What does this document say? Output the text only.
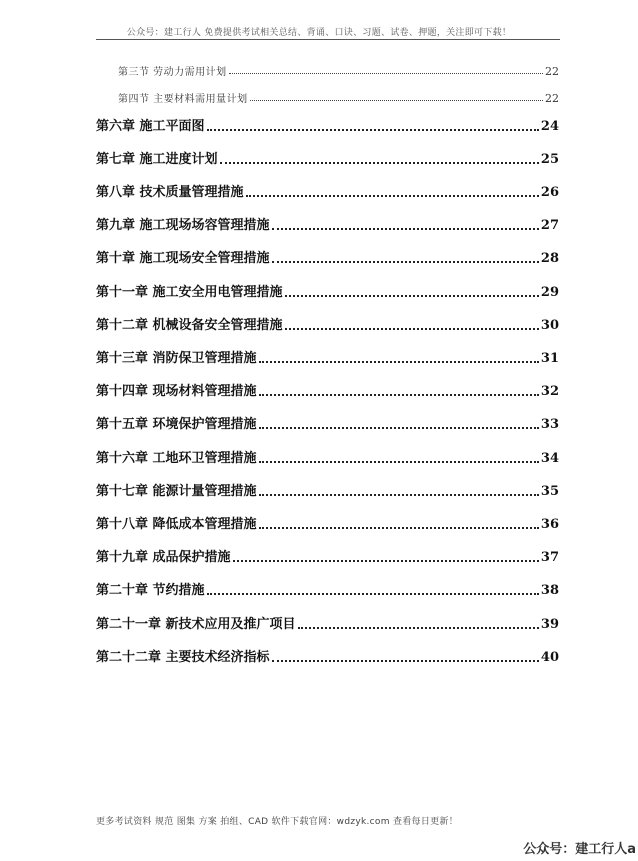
公众号：建工行人 免费提供考试相关总结、背诵、口诀、习题、试卷、押题，关注即可下载！
第三节 劳动力需用计划	22
第四节 主要材料需用量计划	22
第六章 施工平面图	24
第七章 施工进度计划	25
第八章 技术质量管理措施	26
第九章 施工现场场容管理措施	27
第十章 施工现场安全管理措施	28
第十一章 施工安全用电管理措施	29
第十二章 机械设备安全管理措施	30
第十三章 消防保卫管理措施	31
第十四章 现场材料管理措施	32
第十五章 环境保护管理措施	33
第十六章 工地环卫管理措施	34
第十七章 能源计量管理措施	35
第十八章 降低成本管理措施	36
第十九章 成品保护措施	37
第二十章 节约措施	38
第二十一章 新技术应用及推广项目	39
第二十二章 主要技术经济指标	40
更多考试资料 规范 图集 方案 拍组、CAD 软件下载官网：wdzyk.com 查看每日更新！
公众号：建工行人a
